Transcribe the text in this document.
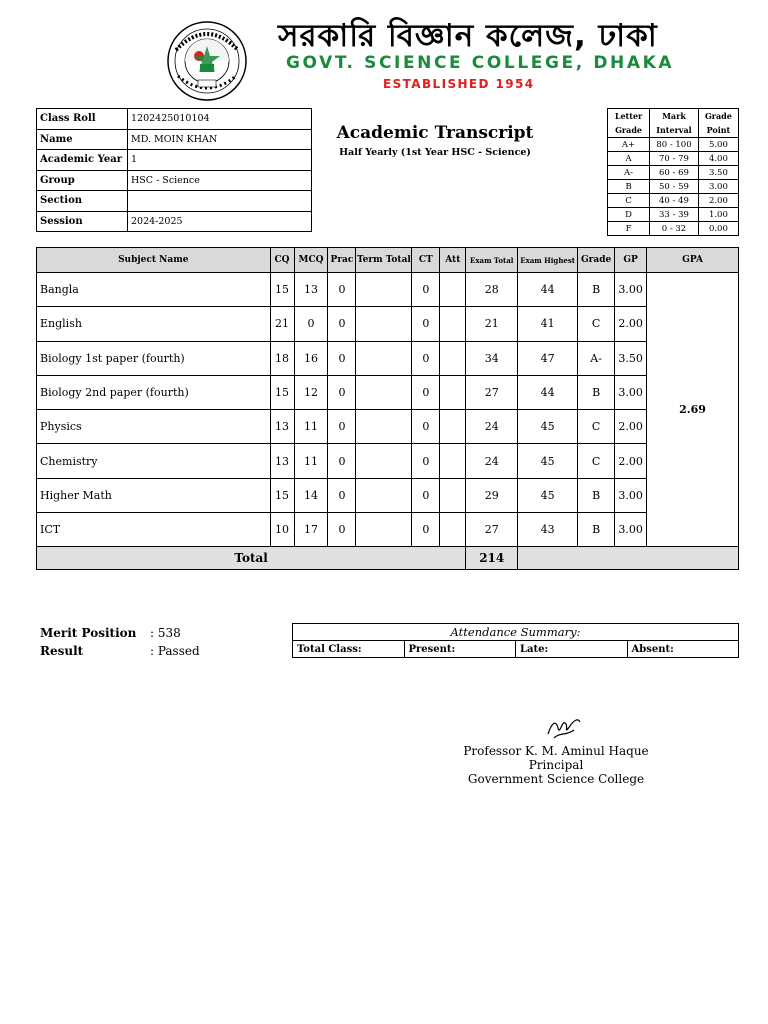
সরকারি বিজ্ঞান কলেজ, ঢাকা
GOVT. SCIENCE COLLEGE, DHAKA
ESTABLISHED 1954
Class Roll	1202425010104
Name	MD. MOIN KHAN
Academic Year	1
Group	HSC - Science
Section	
Session	2024-2025
Academic Transcript
Half Yearly (1st Year HSC - Science)
Letter Grade	Mark Interval	Grade Point
A+	80 - 100	5.00
A	70 - 79	4.00
A-	60 - 69	3.50
B	50 - 59	3.00
C	40 - 49	2.00
D	33 - 39	1.00
F	0 - 32	0.00
Subject Name	CQ	MCQ	Prac	Term Total	CT	Att	Exam Total	Exam Highest	Grade	GP	GPA
Bangla	15	13	0		0		28	44	B	3.00	2.69
English	21	0	0		0		21	41	C	2.00	
Biology 1st paper (fourth)	18	16	0		0		34	47	A-	3.50	
Biology 2nd paper (fourth)	15	12	0		0		27	44	B	3.00	
Physics	13	11	0		0		24	45	C	2.00	
Chemistry	13	11	0		0		24	45	C	2.00	
Higher Math	15	14	0		0		29	45	B	3.00	
ICT	10	17	0		0		27	43	B	3.00	
Total							214				
Merit Position : 538
Result	: Passed
Attendance Summary:
Total Class:	Present:	Late:	Absent:
Professor K. M. Aminul Haque
Principal
Government Science College
